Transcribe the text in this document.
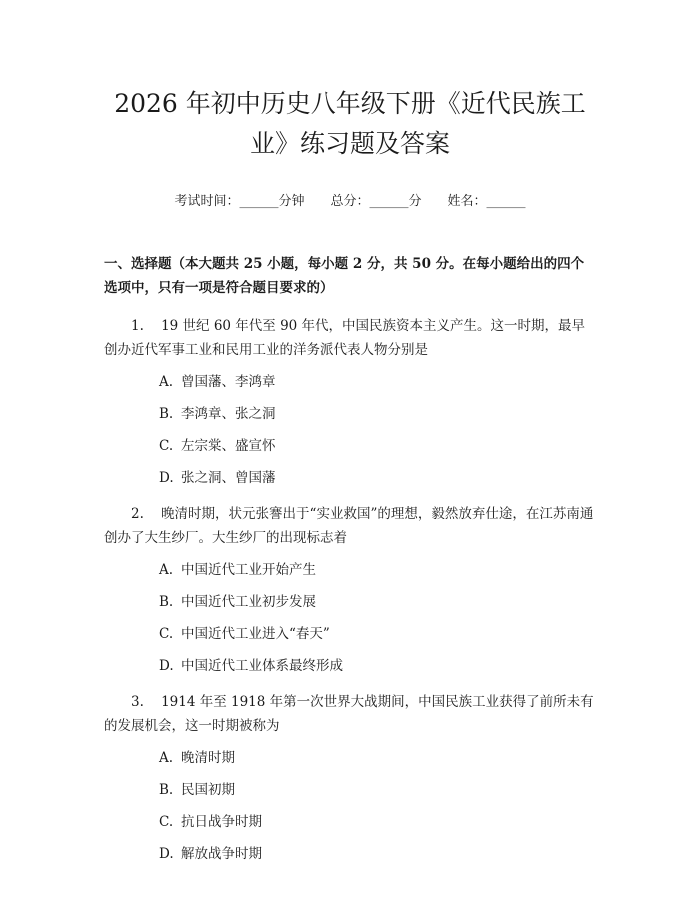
2026 年初中历史八年级下册《近代民族工业》练习题及答案
考试时间：______分钟 总分：______分 姓名：______
一、选择题（本大题共 25 小题，每小题 2 分，共 50 分。在每小题给出的四个选项中，只有一项是符合题目要求的）
1. 19 世纪 60 年代至 90 年代，中国民族资本主义产生。这一时期，最早创办近代军事工业和民用工业的洋务派代表人物分别是
A. 曾国藩、李鸿章
B. 李鸿章、张之洞
C. 左宗棠、盛宣怀
D. 张之洞、曾国藩
2. 晚清时期，状元张謇出于“实业救国”的理想，毅然放弃仕途，在江苏南通创办了大生纱厂。大生纱厂的出现标志着
A. 中国近代工业开始产生
B. 中国近代工业初步发展
C. 中国近代工业进入“春天”
D. 中国近代工业体系最终形成
3. 1914 年至 1918 年第一次世界大战期间，中国民族工业获得了前所未有的发展机会，这一时期被称为
A. 晚清时期
B. 民国初期
C. 抗日战争时期
D. 解放战争时期
